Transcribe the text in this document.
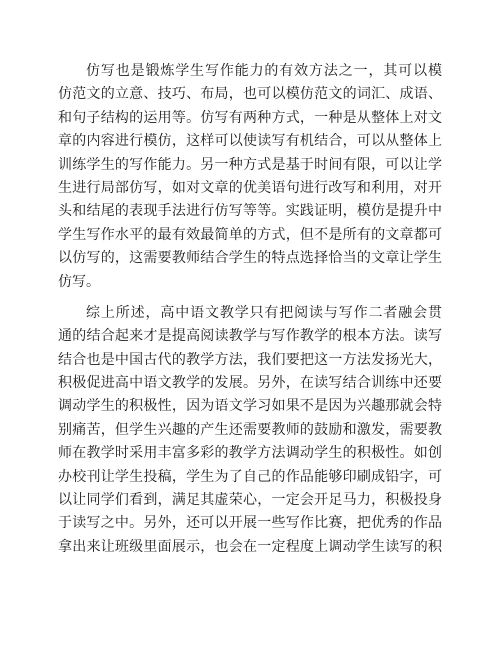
仿写也是锻炼学生写作能力的有效方法之一，其可以模
仿范文的立意、技巧、布局，也可以模仿范文的词汇、成语、
和句子结构的运用等。仿写有两种方式，一种是从整体上对文
章的内容进行模仿，这样可以使读写有机结合，可以从整体上
训练学生的写作能力。另一种方式是基于时间有限，可以让学
生进行局部仿写，如对文章的优美语句进行改写和利用，对开
头和结尾的表现手法进行仿写等等。实践证明，模仿是提升中
学生写作水平的最有效最简单的方式，但不是所有的文章都可
以仿写的，这需要教师结合学生的特点选择恰当的文章让学生
仿写。
综上所述，高中语文教学只有把阅读与写作二者融会贯
通的结合起来才是提高阅读教学与写作教学的根本方法。读写
结合也是中国古代的教学方法，我们要把这一方法发扬光大，
积极促进高中语文教学的发展。另外，在读写结合训练中还要
调动学生的积极性，因为语文学习如果不是因为兴趣那就会特
别痛苦，但学生兴趣的产生还需要教师的鼓励和激发，需要教
师在教学时采用丰富多彩的教学方法调动学生的积极性。如创
办校刊让学生投稿，学生为了自己的作品能够印刷成铅字，可
以让同学们看到，满足其虚荣心，一定会开足马力，积极投身
于读写之中。另外，还可以开展一些写作比赛，把优秀的作品
拿出来让班级里面展示，也会在一定程度上调动学生读写的积
